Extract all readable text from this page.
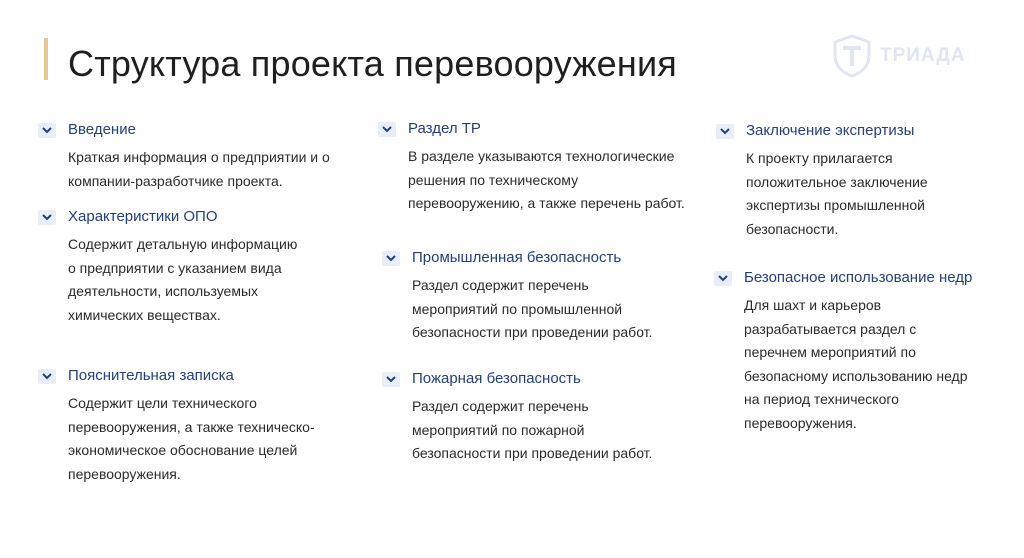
Структура проекта перевооружения	ТРИАДА
Введение
Краткая информация о предприятии и о
компании-разработчике проекта.
Характеристики ОПО
Содержит детальную информацию
о предприятии с указанием вида
деятельности, используемых
химических веществах.
Пояснительная записка
Содержит цели технического
перевооружения, а также техническо-
экономическое обоснование целей
перевооружения.
Раздел ТР
В разделе указываются технологические
решения по техническому
перевооружению, а также перечень работ.
Промышленная безопасность
Раздел содержит перечень
мероприятий по промышленной
безопасности при проведении работ.
Пожарная безопасность
Раздел содержит перечень
мероприятий по пожарной
безопасности при проведении работ.
Заключение экспертизы
К проекту прилагается
положительное заключение
экспертизы промышленной
безопасности.
Безопасное использование недр
Для шахт и карьеров
разрабатывается раздел с
перечнем мероприятий по
безопасному использованию недр
на период технического
перевооружения.
